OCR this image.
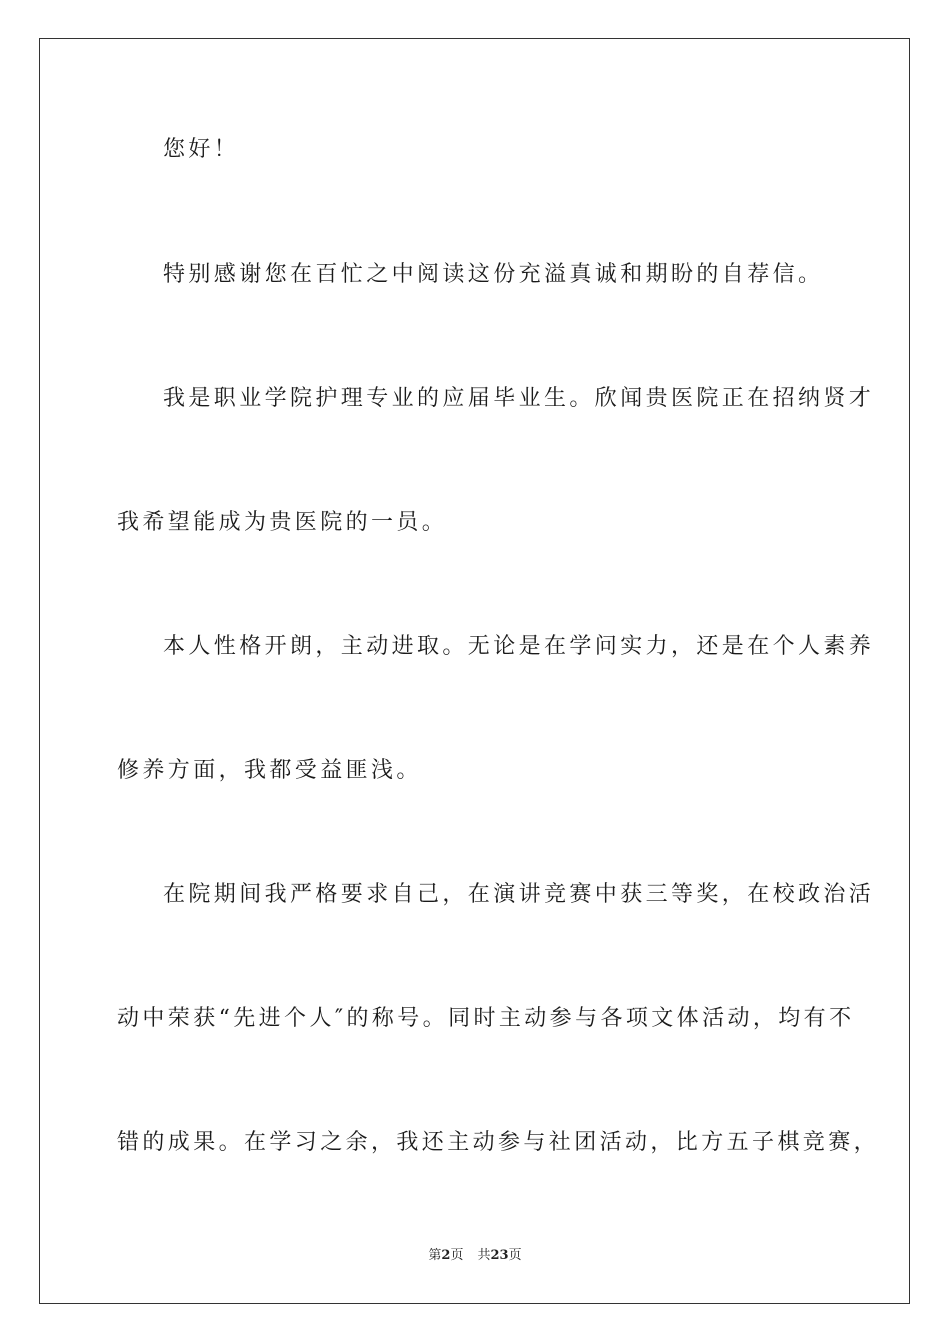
您好！
特别感谢您在百忙之中阅读这份充溢真诚和期盼的自荐信。
我是职业学院护理专业的应届毕业生。欣闻贵医院正在招纳贤才
我希望能成为贵医院的一员。
本人性格开朗，主动进取。无论是在学问实力，还是在个人素养
修养方面，我都受益匪浅。
在院期间我严格要求自己，在演讲竞赛中获三等奖，在校政治活
动中荣获“先进个人″的称号。同时主动参与各项文体活动，均有不
错的成果。在学习之余，我还主动参与社团活动，比方五子棋竞赛，
第2页 共23页
